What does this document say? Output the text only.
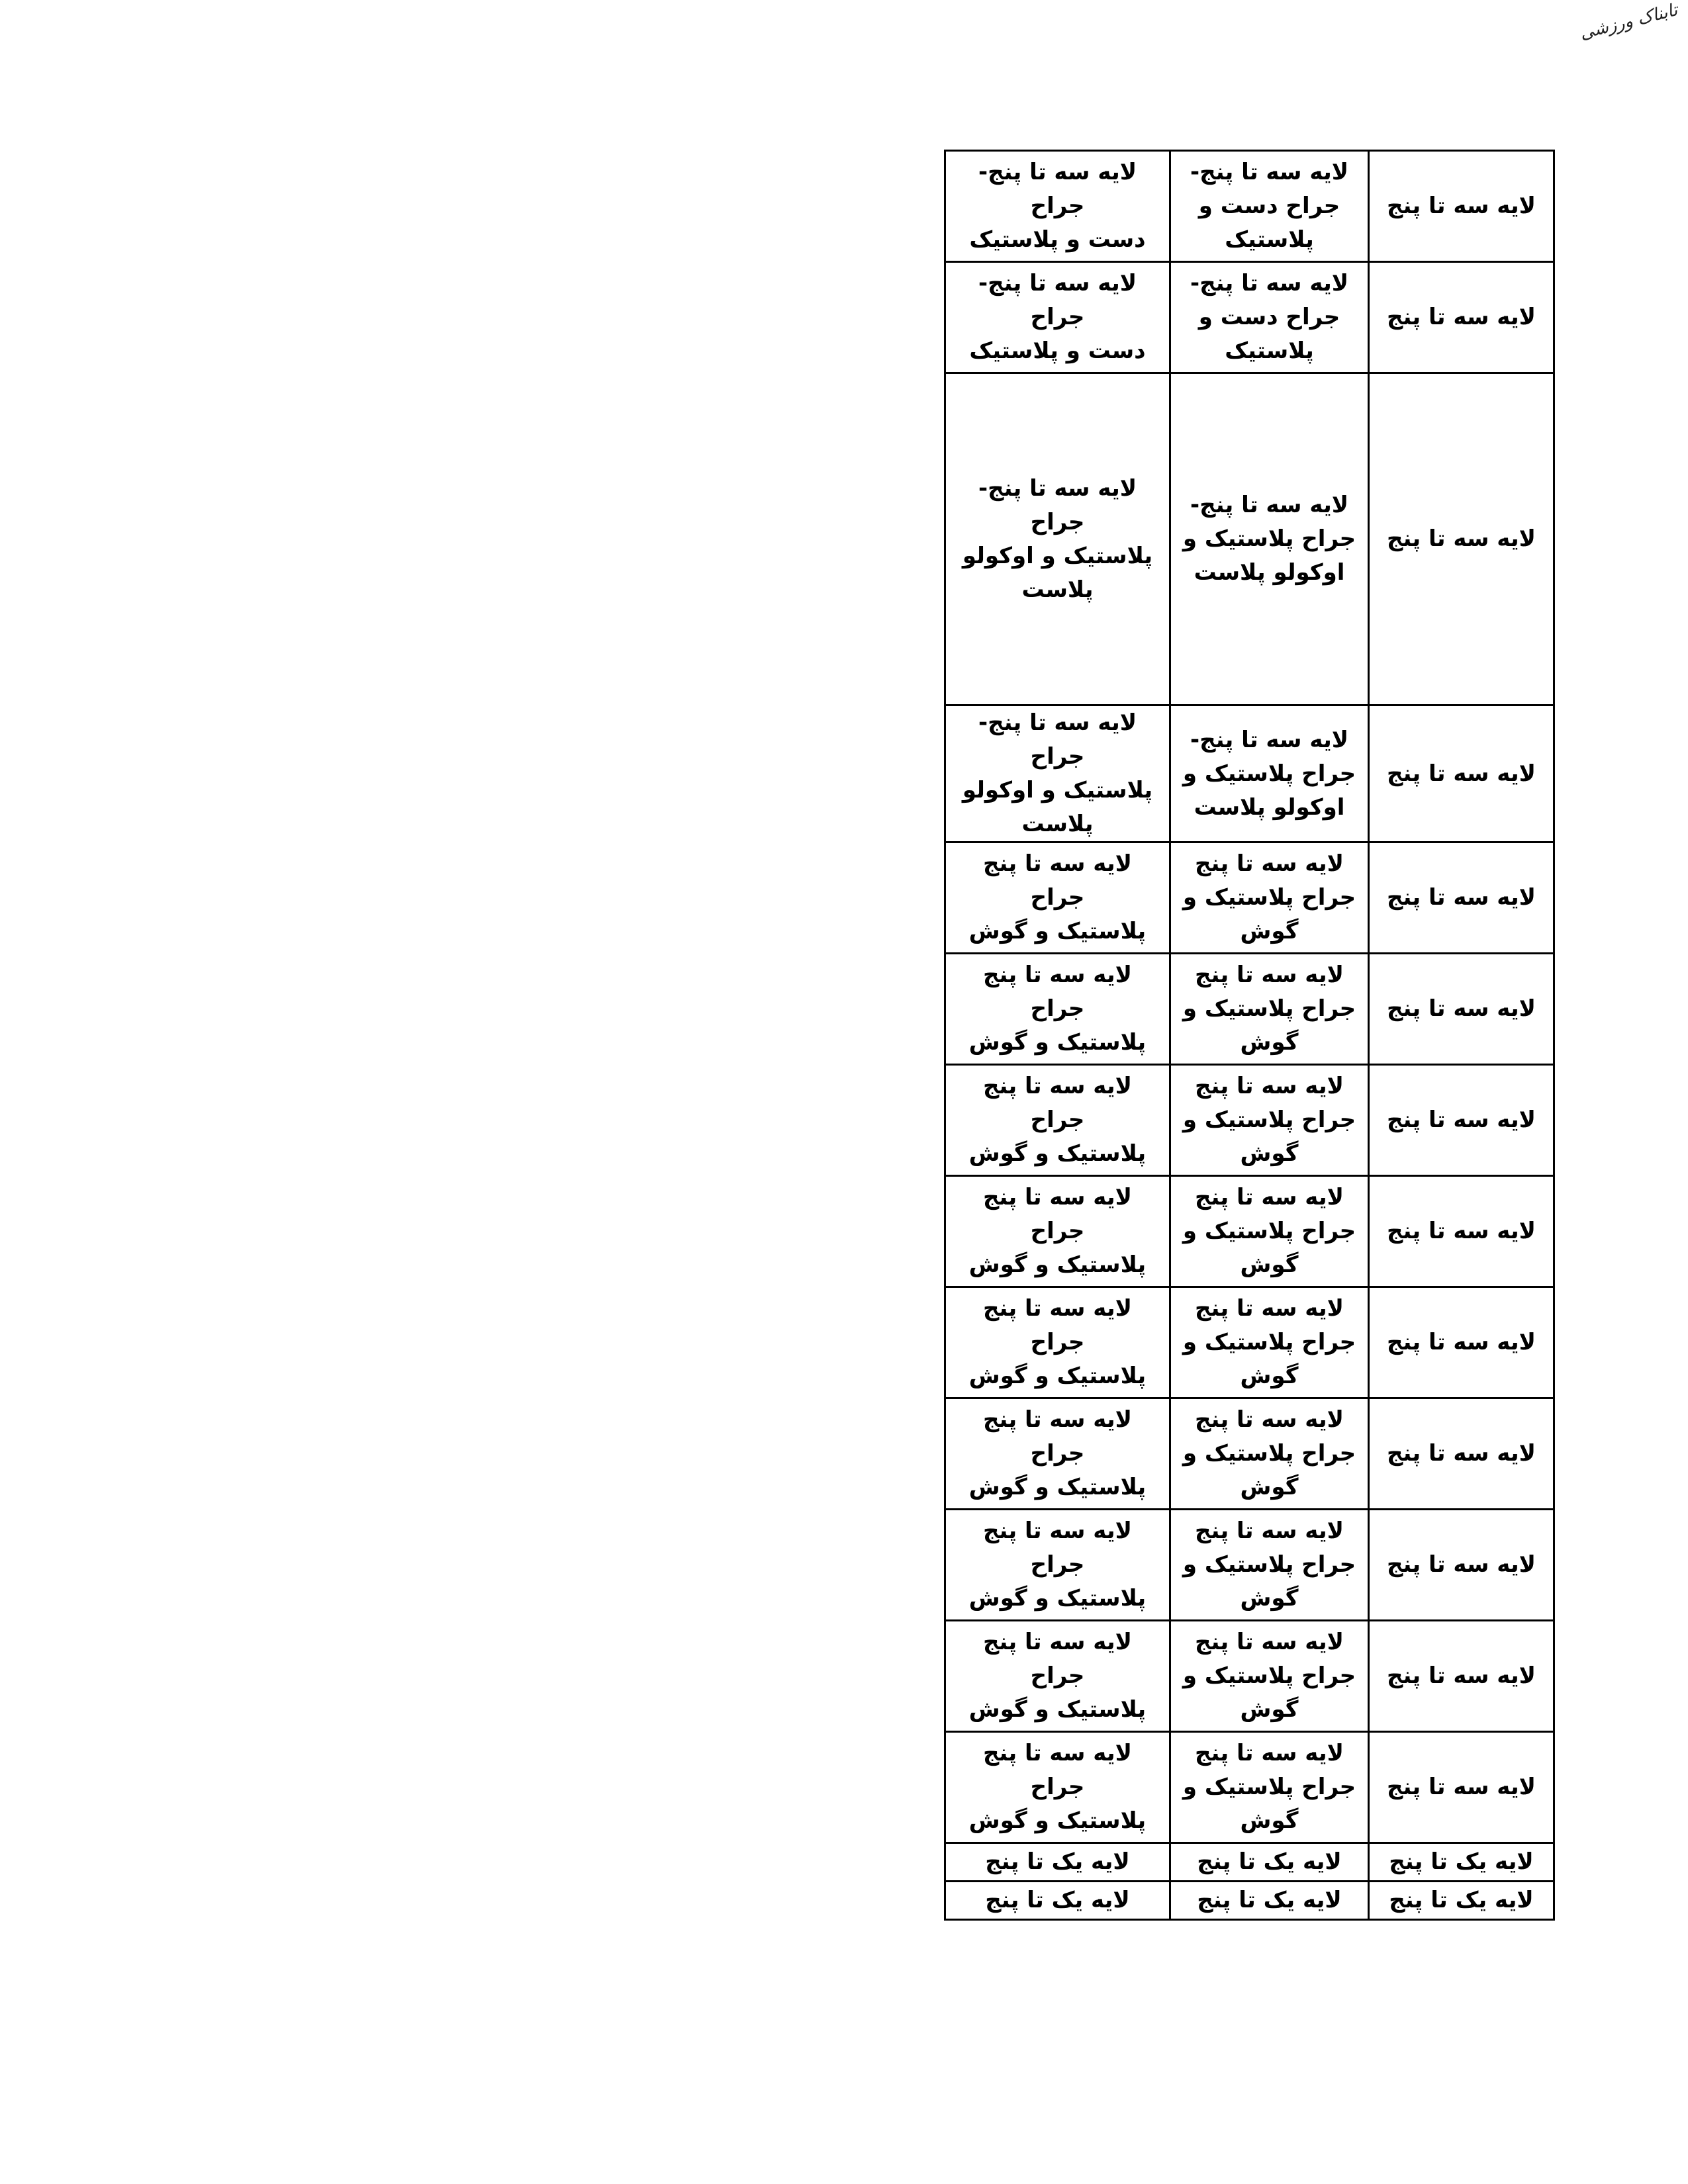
تابناک ورزشی
لایه سه تا پنج	لایه سه تا پنج-
جراح دست و
پلاستیک	لایه سه تا پنج- جراح
دست و پلاستیک
لایه سه تا پنج	لایه سه تا پنج-
جراح دست و
پلاستیک	لایه سه تا پنج- جراح
دست و پلاستیک
لایه سه تا پنج	لایه سه تا پنج-
جراح پلاستیک و
اوکولو پلاست	لایه سه تا پنج- جراح
پلاستیک و اوکولو
پلاست
لایه سه تا پنج	لایه سه تا پنج-
جراح پلاستیک و
اوکولو پلاست	لایه سه تا پنج- جراح
پلاستیک و اوکولو
پلاست
لایه سه تا پنج	لایه سه تا پنج
جراح پلاستیک و
گوش	لایه سه تا پنج جراح
پلاستیک و گوش
لایه سه تا پنج	لایه سه تا پنج
جراح پلاستیک و
گوش	لایه سه تا پنج جراح
پلاستیک و گوش
لایه سه تا پنج	لایه سه تا پنج
جراح پلاستیک و
گوش	لایه سه تا پنج جراح
پلاستیک و گوش
لایه سه تا پنج	لایه سه تا پنج
جراح پلاستیک و
گوش	لایه سه تا پنج جراح
پلاستیک و گوش
لایه سه تا پنج	لایه سه تا پنج
جراح پلاستیک و
گوش	لایه سه تا پنج جراح
پلاستیک و گوش
لایه سه تا پنج	لایه سه تا پنج
جراح پلاستیک و
گوش	لایه سه تا پنج جراح
پلاستیک و گوش
لایه سه تا پنج	لایه سه تا پنج
جراح پلاستیک و
گوش	لایه سه تا پنج جراح
پلاستیک و گوش
لایه سه تا پنج	لایه سه تا پنج
جراح پلاستیک و
گوش	لایه سه تا پنج جراح
پلاستیک و گوش
لایه سه تا پنج	لایه سه تا پنج
جراح پلاستیک و
گوش	لایه سه تا پنج جراح
پلاستیک و گوش
لایه یک تا پنج	لایه یک تا پنج	لایه یک تا پنج
لایه یک تا پنج	لایه یک تا پنج	لایه یک تا پنج
